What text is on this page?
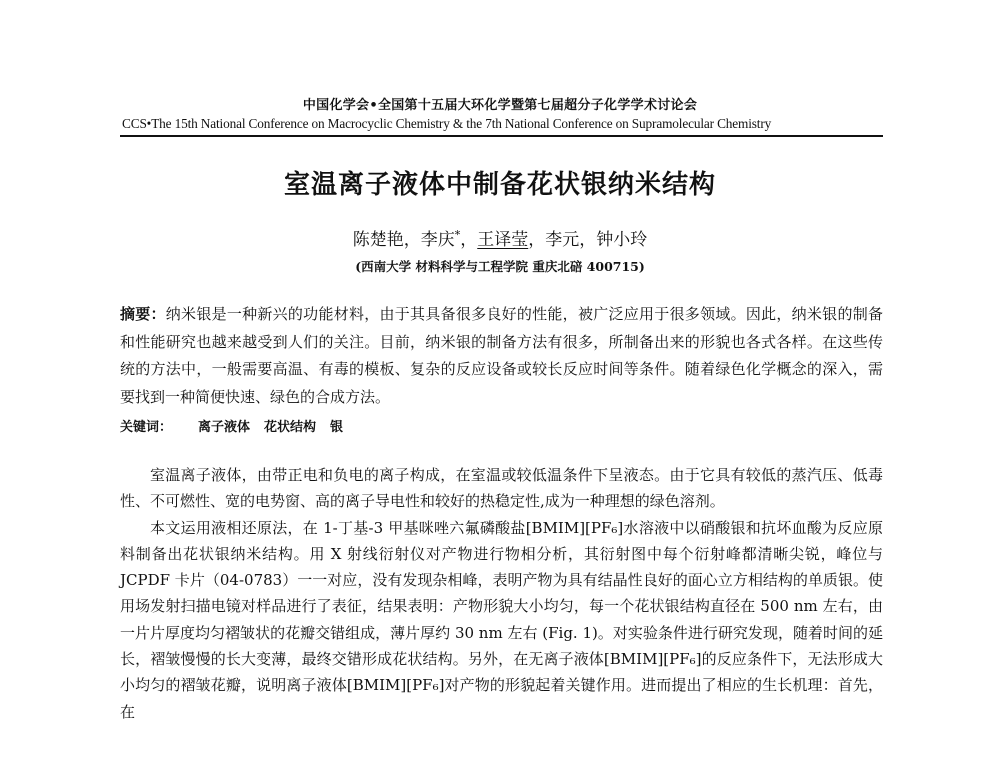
中国化学会•全国第十五届大环化学暨第七届超分子化学学术讨论会
CCS•The 15th National Conference on Macrocyclic Chemistry & the 7th National Conference on Supramolecular Chemistry
室温离子液体中制备花状银纳米结构
陈楚艳，李庆*，王译莹，李元，钟小玲
(西南大学 材料科学与工程学院 重庆北碚 400715)
摘要：纳米银是一种新兴的功能材料，由于其具备很多良好的性能，被广泛应用于很多领域。因此，纳米银的制备和性能研究也越来越受到人们的关注。目前，纳米银的制备方法有很多，所制备出来的形貌也各式各样。在这些传统的方法中，一般需要高温、有毒的模板、复杂的反应设备或较长反应时间等条件。随着绿色化学概念的深入，需要找到一种简便快速、绿色的合成方法。
关键词： 离子液体 花状结构 银

室温离子液体，由带正电和负电的离子构成，在室温或较低温条件下呈液态。由于它具有较低的蒸汽压、低毒性、不可燃性、宽的电势窗、高的离子导电性和较好的热稳定性,成为一种理想的绿色溶剂。

本文运用液相还原法，在 1-丁基-3 甲基咪唑六氟磷酸盐[BMIM][PF₆]水溶液中以硝酸银和抗坏血酸为反应原料制备出花状银纳米结构。用 X 射线衍射仪对产物进行物相分析，其衍射图中每个衍射峰都清晰尖锐，峰位与 JCPDF 卡片（04-0783）一一对应，没有发现杂相峰，表明产物为具有结晶性良好的面心立方相结构的单质银。使用场发射扫描电镜对样品进行了表征，结果表明：产物形貌大小均匀，每一个花状银结构直径在 500 nm 左右，由一片片厚度均匀褶皱状的花瓣交错组成，薄片厚约 30 nm 左右 (Fig. 1)。对实验条件进行研究发现，随着时间的延长，褶皱慢慢的长大变薄，最终交错形成花状结构。另外，在无离子液体[BMIM][PF₆]的反应条件下，无法形成大小均匀的褶皱花瓣，说明离子液体[BMIM][PF₆]对产物的形貌起着关键作用。进而提出了相应的生长机理：首先，在
